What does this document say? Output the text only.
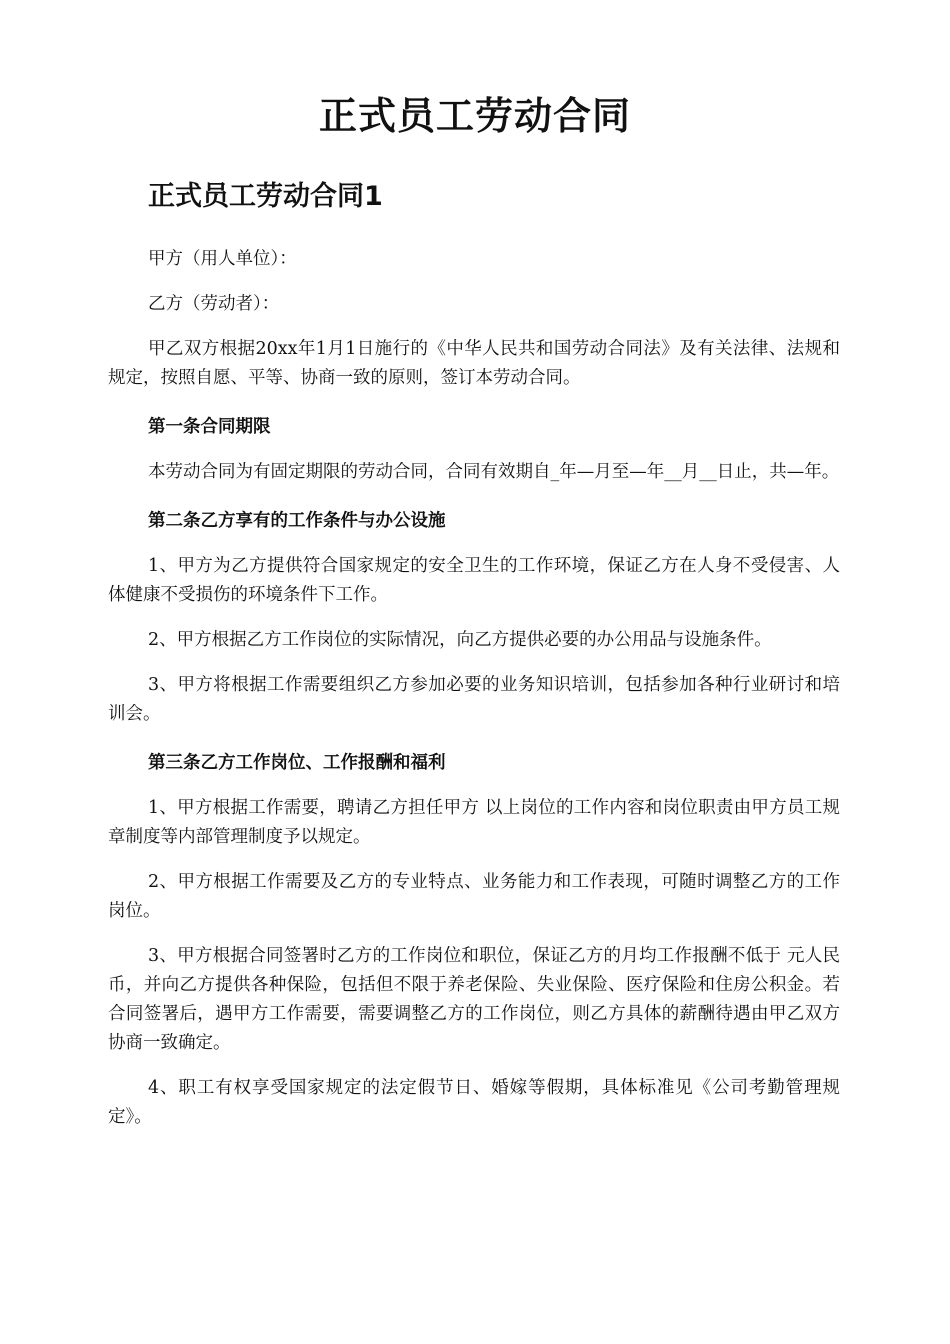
正式员工劳动合同
正式员工劳动合同1

甲方（用人单位）：

乙方（劳动者）：

甲乙双方根据20xx年1月1日施行的《中华人民共和国劳动合同法》及有关法律、法规和规定，按照自愿、平等、协商一致的原则，签订本劳动合同。

第一条合同期限

本劳动合同为有固定期限的劳动合同，合同有效期自_年—月至—年__月__日止，共—年。

第二条乙方享有的工作条件与办公设施

1、甲方为乙方提供符合国家规定的安全卫生的工作环境，保证乙方在人身不受侵害、人体健康不受损伤的环境条件下工作。

2、甲方根据乙方工作岗位的实际情况，向乙方提供必要的办公用品与设施条件。

3、甲方将根据工作需要组织乙方参加必要的业务知识培训，包括参加各种行业研讨和培训会。

第三条乙方工作岗位、工作报酬和福利

1、甲方根据工作需要，聘请乙方担任甲方 以上岗位的工作内容和岗位职责由甲方员工规章制度等内部管理制度予以规定。

2、甲方根据工作需要及乙方的专业特点、业务能力和工作表现，可随时调整乙方的工作岗位。

3、甲方根据合同签署时乙方的工作岗位和职位，保证乙方的月均工作报酬不低于 元人民币，并向乙方提供各种保险，包括但不限于养老保险、失业保险、医疗保险和住房公积金。若合同签署后，遇甲方工作需要，需要调整乙方的工作岗位，则乙方具体的薪酬待遇由甲乙双方协商一致确定。

4、职工有权享受国家规定的法定假节日、婚嫁等假期，具体标准见《公司考勤管理规定》。
